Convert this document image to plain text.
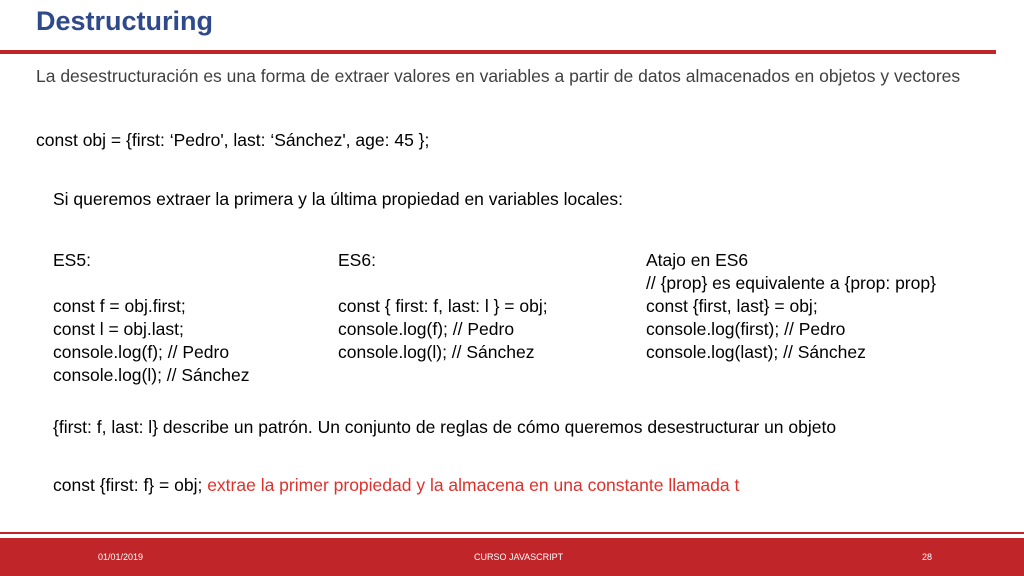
Destructuring
La desestructuración es una forma de extraer valores en variables a partir de datos almacenados en objetos y vectores
const obj = {first: ‘Pedro', last: ‘Sánchez', age: 45 };
Si queremos extraer la primera y la última propiedad en variables locales:
ES5:
const f = obj.first;
const l = obj.last;
console.log(f); // Pedro
console.log(l); // Sánchez
ES6:
const { first: f, last: l } = obj;
console.log(f); // Pedro
console.log(l); // Sánchez
Atajo en ES6
// {prop} es equivalente a {prop: prop}
const {first, last} = obj;
console.log(first); // Pedro
console.log(last); // Sánchez
{first: f, last: l} describe un patrón. Un conjunto de reglas de cómo queremos desestructurar un objeto
const {first: f} = obj; extrae la primer propiedad y la almacena en una constante llamada t
01/01/2019	CURSO JAVASCRIPT	28
